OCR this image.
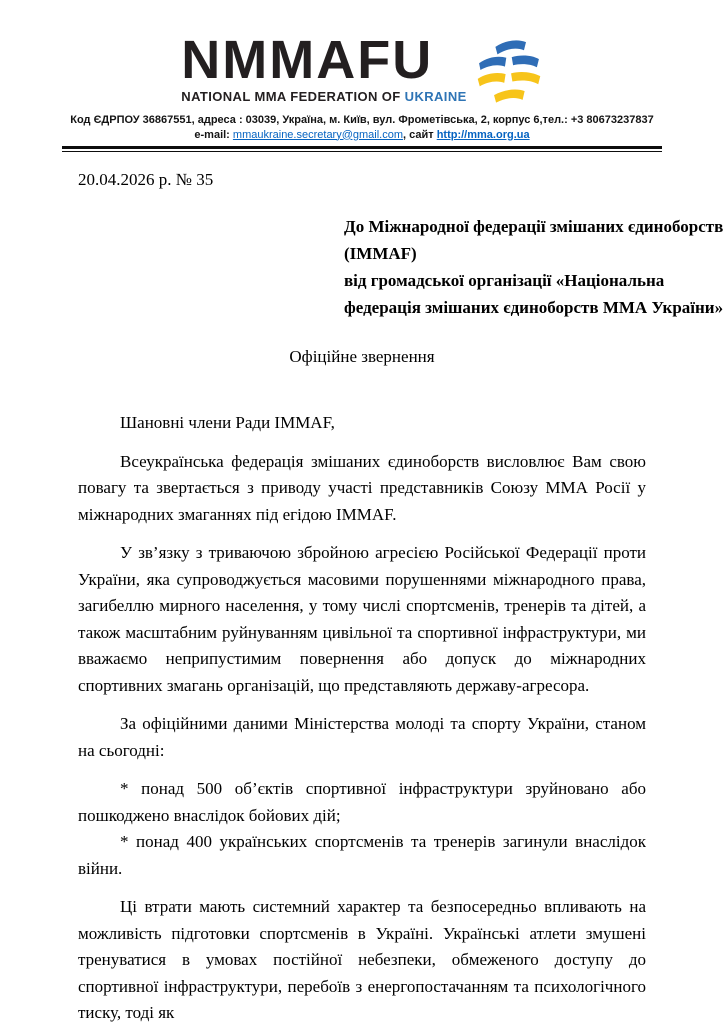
NMMAFU
NATIONAL MMA FEDERATION OF UKRAINE
Код ЄДРПОУ 36867551, адреса : 03039, Україна, м. Київ, вул. Фрометівська, 2, корпус 6,тел.: +3 80673237837
e-mail: mmaukraine.secretary@gmail.com, сайт http://mma.org.ua

20.04.2026 р. № 35

До Міжнародної федерації змішаних єдиноборств
(IMMAF)
від громадської організації «Національна
федерація змішаних єдиноборств ММА України»

Офіційне звернення

Шановні члени Ради IMMAF,

Всеукраїнська федерація змішаних єдиноборств висловлює Вам свою повагу та звертається з приводу участі представників Союзу ММА Росії у міжнародних змаганнях під егідою IMMAF.

У зв’язку з триваючою збройною агресією Російської Федерації проти України, яка супроводжується масовими порушеннями міжнародного права, загибеллю мирного населення, у тому числі спортсменів, тренерів та дітей, а також масштабним руйнуванням цивільної та спортивної інфраструктури, ми вважаємо неприпустимим повернення або допуск до міжнародних спортивних змагань організацій, що представляють державу-агресора.

За офіційними даними Міністерства молоді та спорту України, станом на сьогодні:

* понад 500 об’єктів спортивної інфраструктури зруйновано або пошкоджено внаслідок бойових дій;

* понад 400 українських спортсменів та тренерів загинули внаслідок війни.

Ці втрати мають системний характер та безпосередньо впливають на можливість підготовки спортсменів в Україні. Українські атлети змушені тренуватися в умовах постійної небезпеки, обмеженого доступу до спортивної інфраструктури, перебоїв з енергопостачанням та психологічного тиску, тоді як
